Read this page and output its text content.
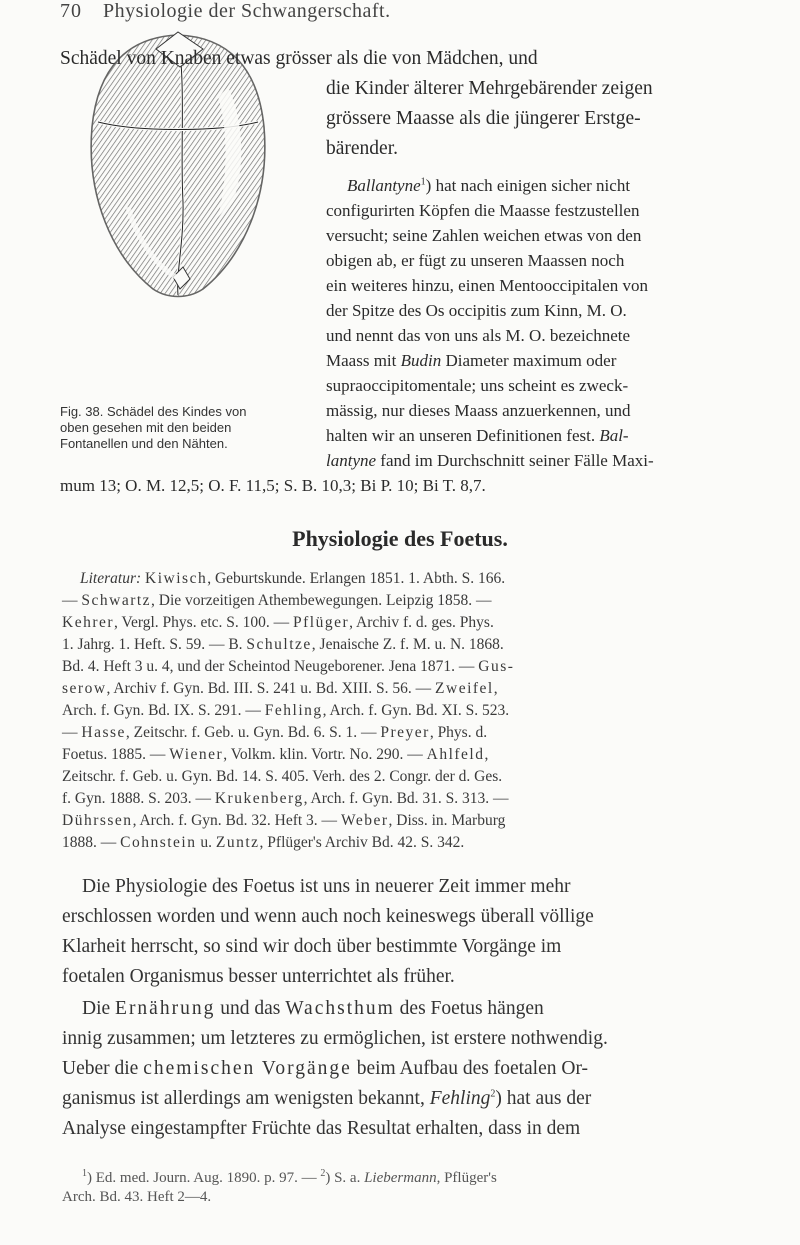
70 Physiologie der Schwangerschaft.
Schädel von Knaben etwas grösser als die von Mädchen, und
die Kinder älterer Mehrgebärender zeigen
grössere Maasse als die jüngerer Erstge-
bärender.
Ballantyne$^1$) hat nach einigen sicher nicht
configurirten Köpfen die Maasse festzustellen
versucht; seine Zahlen weichen etwas von den
obigen ab, er fügt zu unseren Maassen noch
ein weiteres hinzu, einen Mentooccipitalen von
der Spitze des Os occipitis zum Kinn, M. O.
und nennt das von uns als M. O. bezeichnete
Maass mit Budin Diameter maximum oder
supraoccipitomentale; uns scheint es zweck-
mässig, nur dieses Maass anzuerkennen, und
halten wir an unseren Definitionen fest. Bal-
lantyne fand im Durchschnitt seiner Fälle Maxi-
mum 13; O. M. 12,5; O. F. 11,5; S. B. 10,3; Bi P. 10; Bi T. 8,7.
Fig. 38. Schädel des Kindes von
oben gesehen mit den beiden
Fontanellen und den Nähten.
Physiologie des Foetus.
Literatur: Kiwisch, Geburtskunde. Erlangen 1851. 1. Abth. S. 166.
— Schwartz, Die vorzeitigen Athembewegungen. Leipzig 1858. —
Kehrer, Vergl. Phys. etc. S. 100. — Pflüger, Archiv f. d. ges. Phys.
1. Jahrg. 1. Heft. S. 59. — B. Schultze, Jenaische Z. f. M. u. N. 1868.
Bd. 4. Heft 3 u. 4, und der Scheintod Neugeborener. Jena 1871. — Gus-
serow, Archiv f. Gyn. Bd. III. S. 241 u. Bd. XIII. S. 56. — Zweifel,
Arch. f. Gyn. Bd. IX. S. 291. — Fehling, Arch. f. Gyn. Bd. XI. S. 523.
— Hasse, Zeitschr. f. Geb. u. Gyn. Bd. 6. S. 1. — Preyer, Phys. d.
Foetus. 1885. — Wiener, Volkm. klin. Vortr. No. 290. — Ahlfeld,
Zeitschr. f. Geb. u. Gyn. Bd. 14. S. 405. Verh. des 2. Congr. der d. Ges.
f. Gyn. 1888. S. 203. — Krukenberg, Arch. f. Gyn. Bd. 31. S. 313. —
Dührssen, Arch. f. Gyn. Bd. 32. Heft 3. — Weber, Diss. in. Marburg
1888. — Cohnstein u. Zuntz, Pflüger's Archiv Bd. 42. S. 342.
Die Physiologie des Foetus ist uns in neuerer Zeit immer mehr
erschlossen worden und wenn auch noch keineswegs überall völlige
Klarheit herrscht, so sind wir doch über bestimmte Vorgänge im
foetalen Organismus besser unterrichtet als früher.
Die Ernährung und das Wachsthum des Foetus hängen
innig zusammen; um letzteres zu ermöglichen, ist erstere nothwendig.
Ueber die chemischen Vorgänge beim Aufbau des foetalen Or-
ganismus ist allerdings am wenigsten bekannt, Fehling$^2$) hat aus der
Analyse eingestampfter Früchte das Resultat erhalten, dass in dem
$^1$) Ed. med. Journ. Aug. 1890. p. 97. — $^2$) S. a. Liebermann, Pflüger's
Arch. Bd. 43. Heft 2—4.
